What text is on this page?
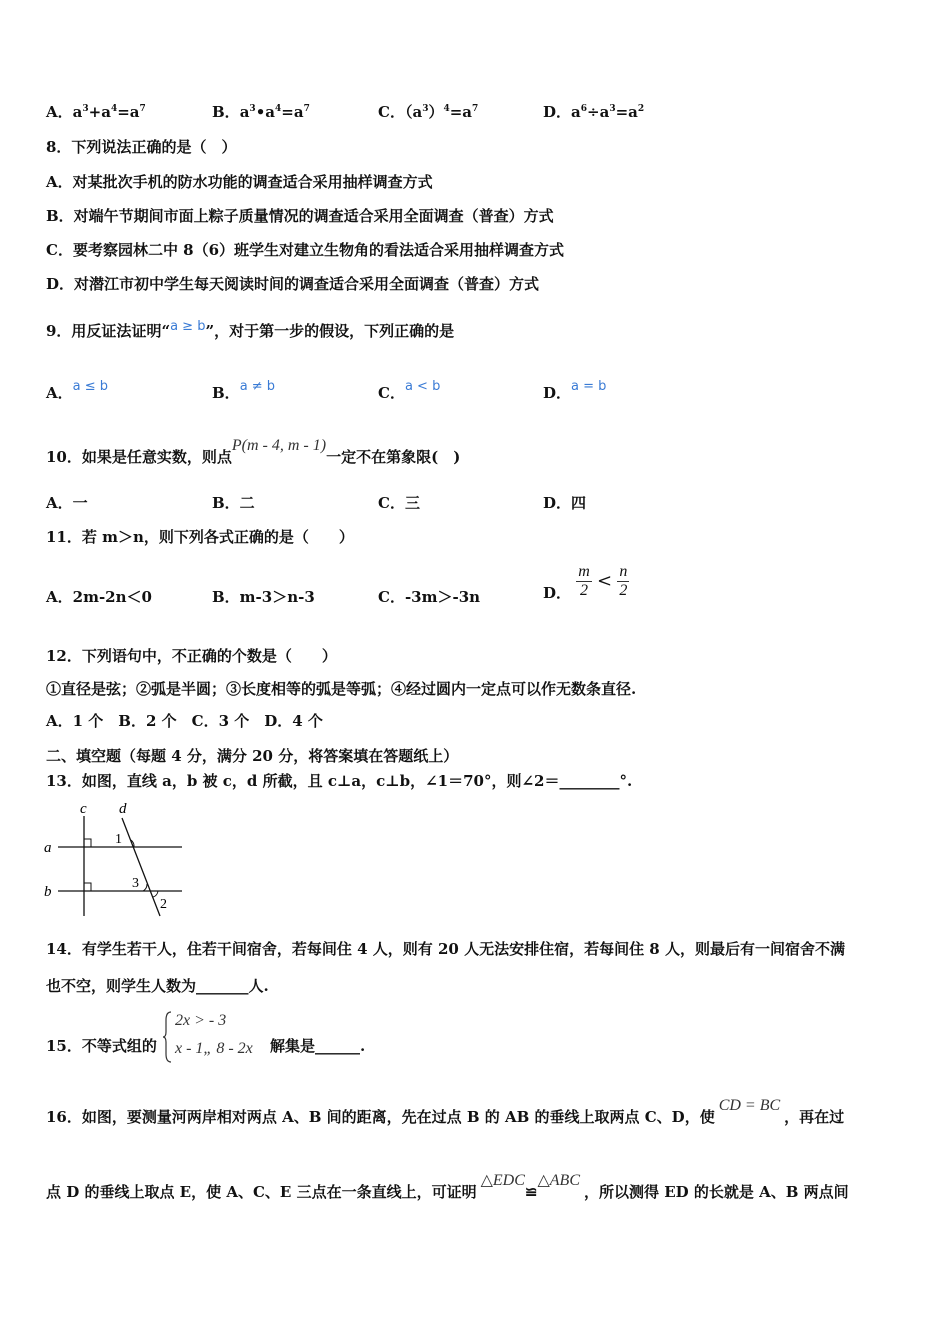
A．$a^3+a^4=a^7$	B．$a^3•a^4=a^7$	C．$(a^3)^4=a^7$	D．$a^6\div a^3=a^2$
8．下列说法正确的是（　）
A．对某批次手机的防水功能的调查适合采用抽样调查方式
B．对端午节期间市面上粽子质量情况的调查适合采用全面调查（普查）方式
C．要考察园林二中 8（6）班学生对建立生物角的看法适合采用抽样调查方式
D．对潜江市初中学生每天阅读时间的调查适合采用全面调查（普查）方式
9．用反证法证明“a ≥ b”，对于第一步的假设，下列正确的是
A．a ≤ b	B．a ≠ b	C．a < b	D．a = b
10．如果是任意实数，则点P(m - 4, m - 1)一定不在第象限(　)
A．一	B．二	C．三	D．四
11．若 m＞n，则下列各式正确的是（　　）
A．2m-2n＜0	B．m-3＞n-3	C．-3m＞-3n	D． $\frac{m}{2} < \frac{n}{2}$
12．下列语句中，不正确的个数是（　　）
①直径是弦；②弧是半圆；③长度相等的弧是等弧；④经过圆内一定点可以作无数条直径.
A．1 个　B．2 个　C．3 个　D．4 个
二、填空题（每题 4 分，满分 20 分，将答案填在答题纸上）
13．如图，直线 a，b 被 c，d 所截，且 c⊥a，c⊥b，∠1＝70°，则∠2＝________°.
c d
a
b
1
3
2
14．有学生若干人，住若干间宿舍，若每间住 4 人，则有 20 人无法安排住宿，若每间住 8 人，则最后有一间宿舍不满
也不空，则学生人数为_______人.
15．不等式组的
2x > - 3
x - 1„ 8 - 2x 解集是______.
16．如图，要测量河两岸相对两点 A、B 间的距离，先在过点 B 的 AB 的垂线上取两点 C、D，使CD = BC，再在过
点 D 的垂线上取点 E，使 A、C、E 三点在一条直线上，可证明△EDC≌△ABC，所以测得 ED 的长就是 A、B 两点间
